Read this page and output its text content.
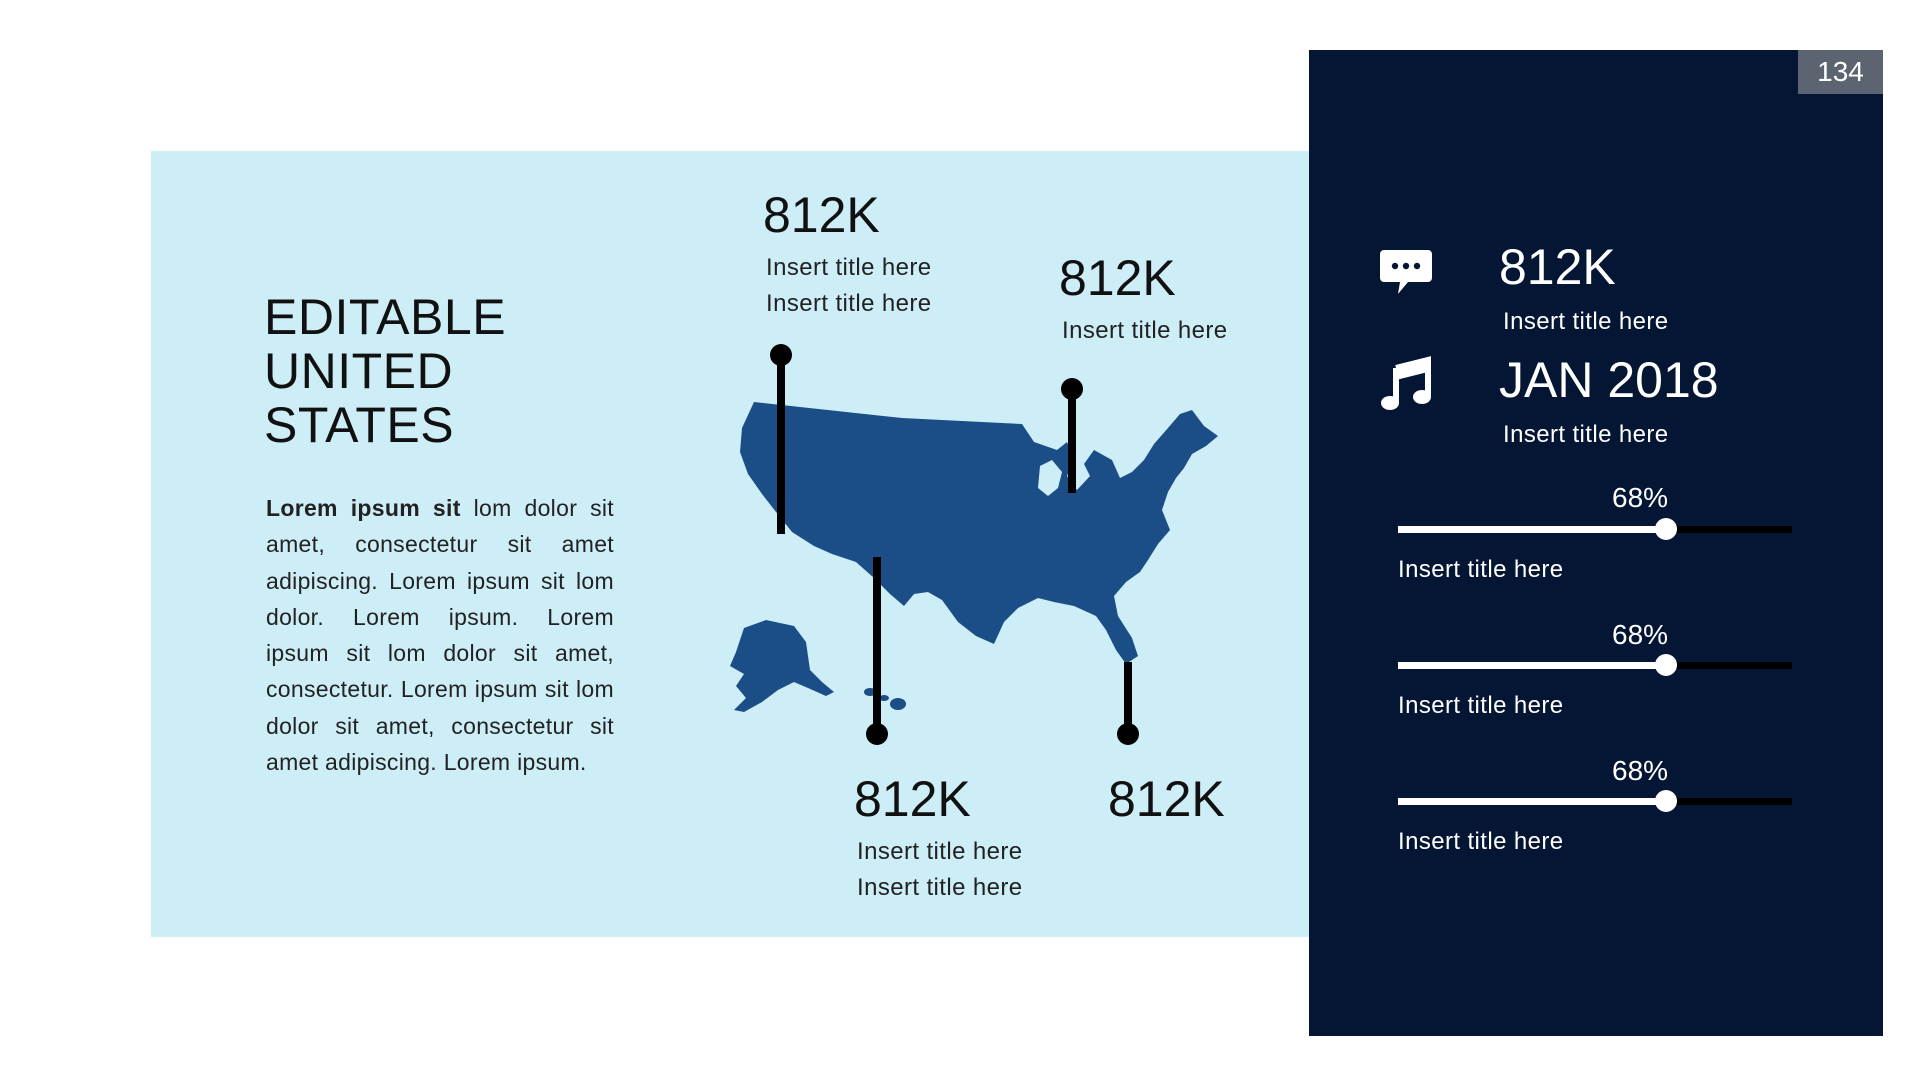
134
EDITABLE
UNITED
STATES
Lorem ipsum sit lom dolor sit amet, consectetur sit amet adipiscing. Lorem ipsum sit lom dolor. Lorem ipsum. Lorem ipsum sit lom dolor sit amet, consectetur. Lorem ipsum sit lom dolor sit amet, consectetur sit amet adipiscing. Lorem ipsum.
812K
Insert title here
Insert title here	812K
Insert title here
812K
Insert title here
Insert title here
812K
812K
Insert title here
JAN 2018
Insert title here
68%
Insert title here
68%
Insert title here
68%
Insert title here
